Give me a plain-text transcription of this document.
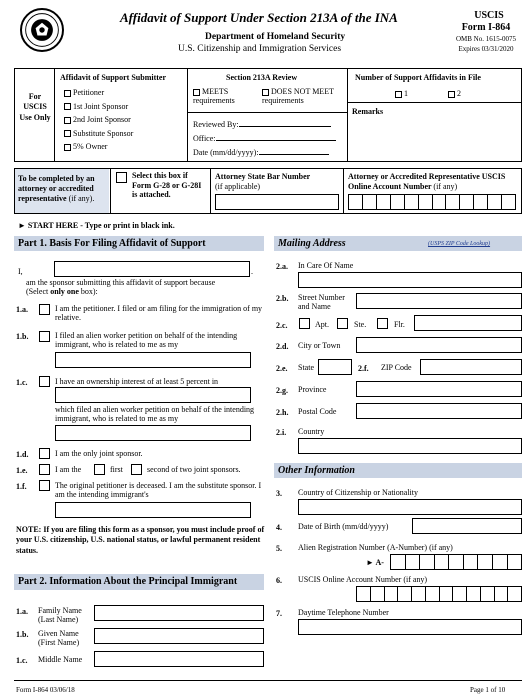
Affidavit of Support Under Section 213A of the INA
Department of Homeland Security
U.S. Citizenship and Immigration Services
USCIS
Form I-864
OMB No. 1615-0075
Expires 03/31/2020
For USCIS Use Only
Affidavit of Support Submitter
Petitioner
1st Joint Sponsor
2nd Joint Sponsor
Substitute Sponsor
5% Owner
Section 213A Review
MEETS requirements
DOES NOT MEET requirements
Reviewed By:
Office:
Date (mm/dd/yyyy):
Number of Support Affidavits in File
1	2
Remarks
To be completed by an attorney or accredited representative (if any).
Select this box if Form G-28 or G-28I is attached.
Attorney State Bar Number
(if applicable)
Attorney or Accredited Representative USCIS Online Account Number (if any)
► START HERE - Type or print in black ink.
Part 1. Basis For Filing Affidavit of Support
I,	.
am the sponsor submitting this affidavit of support because
(Select only one box):
1.a.	I am the petitioner. I filed or am filing for the immigration of my relative.
1.b.	I filed an alien worker petition on behalf of the intending immigrant, who is related to me as my
1.c.	I have an ownership interest of at least 5 percent in
which filed an alien worker petition on behalf of the intending immigrant, who is related to me as my
1.d.	I am the only joint sponsor.
1.e.	I am the	first	second of two joint sponsors.
1.f.	The original petitioner is deceased. I am the substitute sponsor. I am the intending immigrant's
NOTE: If you are filing this form as a sponsor, you must include proof of your U.S. citizenship, U.S. national status, or lawful permanent resident status.
Part 2. Information About the Principal Immigrant
1.a. Family Name (Last Name)
1.b. Given Name (First Name)
1.c. Middle Name
Mailing Address	(USPS ZIP Code Lookup)
2.a. In Care Of Name
2.b. Street Number and Name
2.c.	Apt.	Ste.	Flr.
2.d. City or Town
2.e. State	2.f. ZIP Code
2.g. Province
2.h. Postal Code
2.i. Country
Other Information
3. Country of Citizenship or Nationality
4. Date of Birth (mm/dd/yyyy)
5. Alien Registration Number (A-Number) (if any)
► A-
6. USCIS Online Account Number (if any)
7. Daytime Telephone Number
Form I-864 03/06/18	Page 1 of 10
